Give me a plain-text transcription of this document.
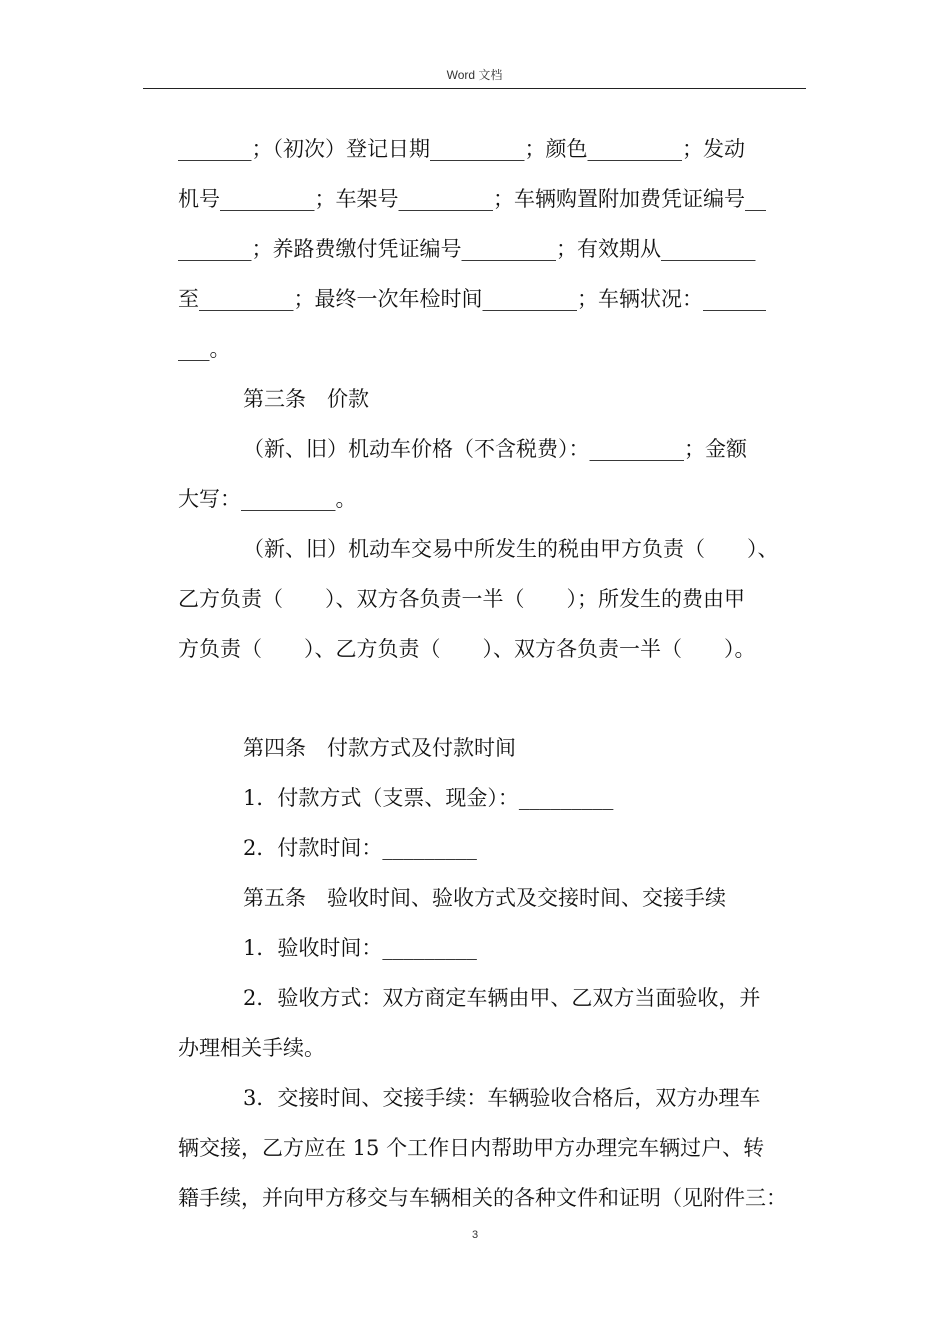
Word 文档
_______；（初次）登记日期_________；颜色_________；发动
机号_________；车架号_________；车辆购置附加费凭证编号__
_______；养路费缴付凭证编号_________；有效期从_________
至_________；最终一次年检时间_________；车辆状况：______
___。
第三条　价款
（新、旧）机动车价格（不含税费）：_________；金额
大写：_________。
（新、旧）机动车交易中所发生的税由甲方负责（　　）、
乙方负责（　　）、双方各负责一半（　　）；所发生的费由甲
方负责（　　）、乙方负责（　　）、双方各负责一半（　　）。
第四条　付款方式及付款时间
1．付款方式（支票、现金）：_________
2．付款时间：_________
第五条　验收时间、验收方式及交接时间、交接手续
1．验收时间：_________
2．验收方式：双方商定车辆由甲、乙双方当面验收，并
办理相关手续。
3．交接时间、交接手续：车辆验收合格后，双方办理车
辆交接，乙方应在 15 个工作日内帮助甲方办理完车辆过户、转
籍手续，并向甲方移交与车辆相关的各种文件和证明（见附件三：
3
